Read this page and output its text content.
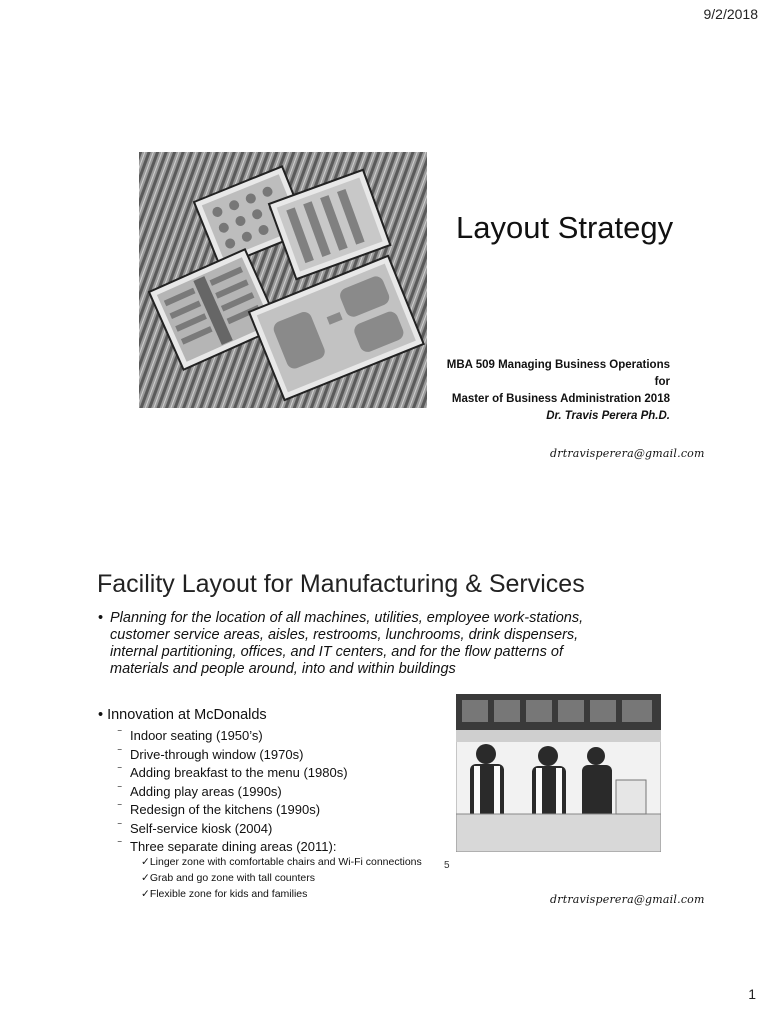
9/2/2018
Layout Strategy
MBA 509 Managing Business Operations
for
Master of Business Administration 2018
Dr. Travis Perera Ph.D.
drtravisperera@gmail.com
Facility Layout for Manufacturing & Services
• Planning for the location of all machines, utilities, employee work-stations, customer service areas, aisles, restrooms, lunchrooms, drink dispensers, internal partitioning, offices, and IT centers, and for the flow patterns of materials and people around, into and within buildings
• Innovation at McDonalds
‾ Indoor seating (1950’s)
‾ Drive-through window (1970s)
‾ Adding breakfast to the menu (1980s)
‾ Adding play areas (1990s)
‾ Redesign of the kitchens (1990s)
‾ Self-service kiosk (2004)
‾ Three separate dining areas (2011):
✓Linger zone with comfortable chairs and Wi-Fi connections
✓Grab and go zone with tall counters
✓Flexible zone for kids and families
5
drtravisperera@gmail.com
1
